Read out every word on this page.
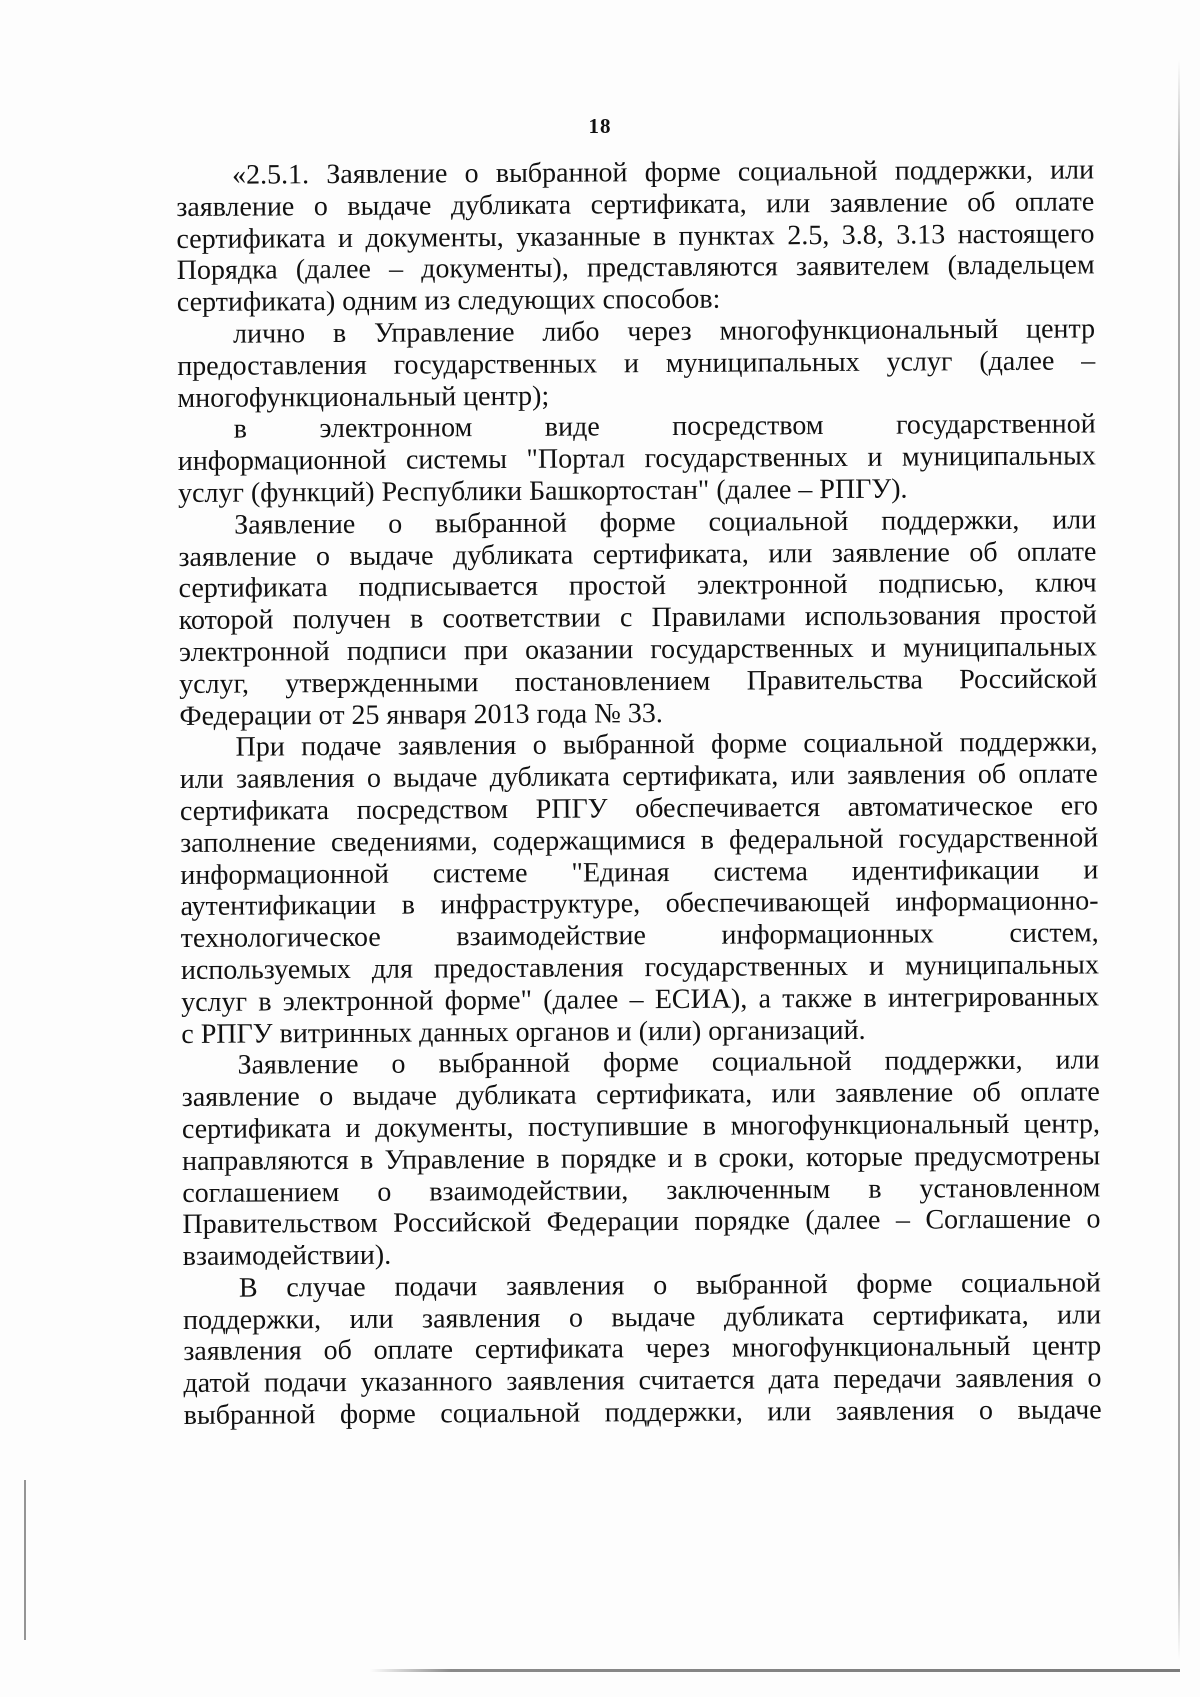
18
«2.5.1. Заявление о выбранной форме социальной поддержки, или
заявление о выдаче дубликата сертификата, или заявление об оплате
сертификата и документы, указанные в пунктах 2.5, 3.8, 3.13 настоящего
Порядка (далее – документы), представляются заявителем (владельцем
сертификата) одним из следующих способов:
лично в Управление либо через многофункциональный центр
предоставления государственных и муниципальных услуг (далее –
многофункциональный центр);
в электронном виде посредством государственной
информационной системы "Портал государственных и муниципальных
услуг (функций) Республики Башкортостан" (далее – РПГУ).
Заявление о выбранной форме социальной поддержки, или
заявление о выдаче дубликата сертификата, или заявление об оплате
сертификата подписывается простой электронной подписью, ключ
которой получен в соответствии с Правилами использования простой
электронной подписи при оказании государственных и муниципальных
услуг, утвержденными постановлением Правительства Российской
Федерации от 25 января 2013 года № 33.
При подаче заявления о выбранной форме социальной поддержки,
или заявления о выдаче дубликата сертификата, или заявления об оплате
сертификата посредством РПГУ обеспечивается автоматическое его
заполнение сведениями, содержащимися в федеральной государственной
информационной системе "Единая система идентификации и
аутентификации в инфраструктуре, обеспечивающей информационно-
технологическое взаимодействие информационных систем,
используемых для предоставления государственных и муниципальных
услуг в электронной форме" (далее – ЕСИА), а также в интегрированных
с РПГУ витринных данных органов и (или) организаций.
Заявление о выбранной форме социальной поддержки, или
заявление о выдаче дубликата сертификата, или заявление об оплате
сертификата и документы, поступившие в многофункциональный центр,
направляются в Управление в порядке и в сроки, которые предусмотрены
соглашением о взаимодействии, заключенным в установленном
Правительством Российской Федерации порядке (далее – Соглашение о
взаимодействии).
В случае подачи заявления о выбранной форме социальной
поддержки, или заявления о выдаче дубликата сертификата, или
заявления об оплате сертификата через многофункциональный центр
датой подачи указанного заявления считается дата передачи заявления о
выбранной форме социальной поддержки, или заявления о выдаче
